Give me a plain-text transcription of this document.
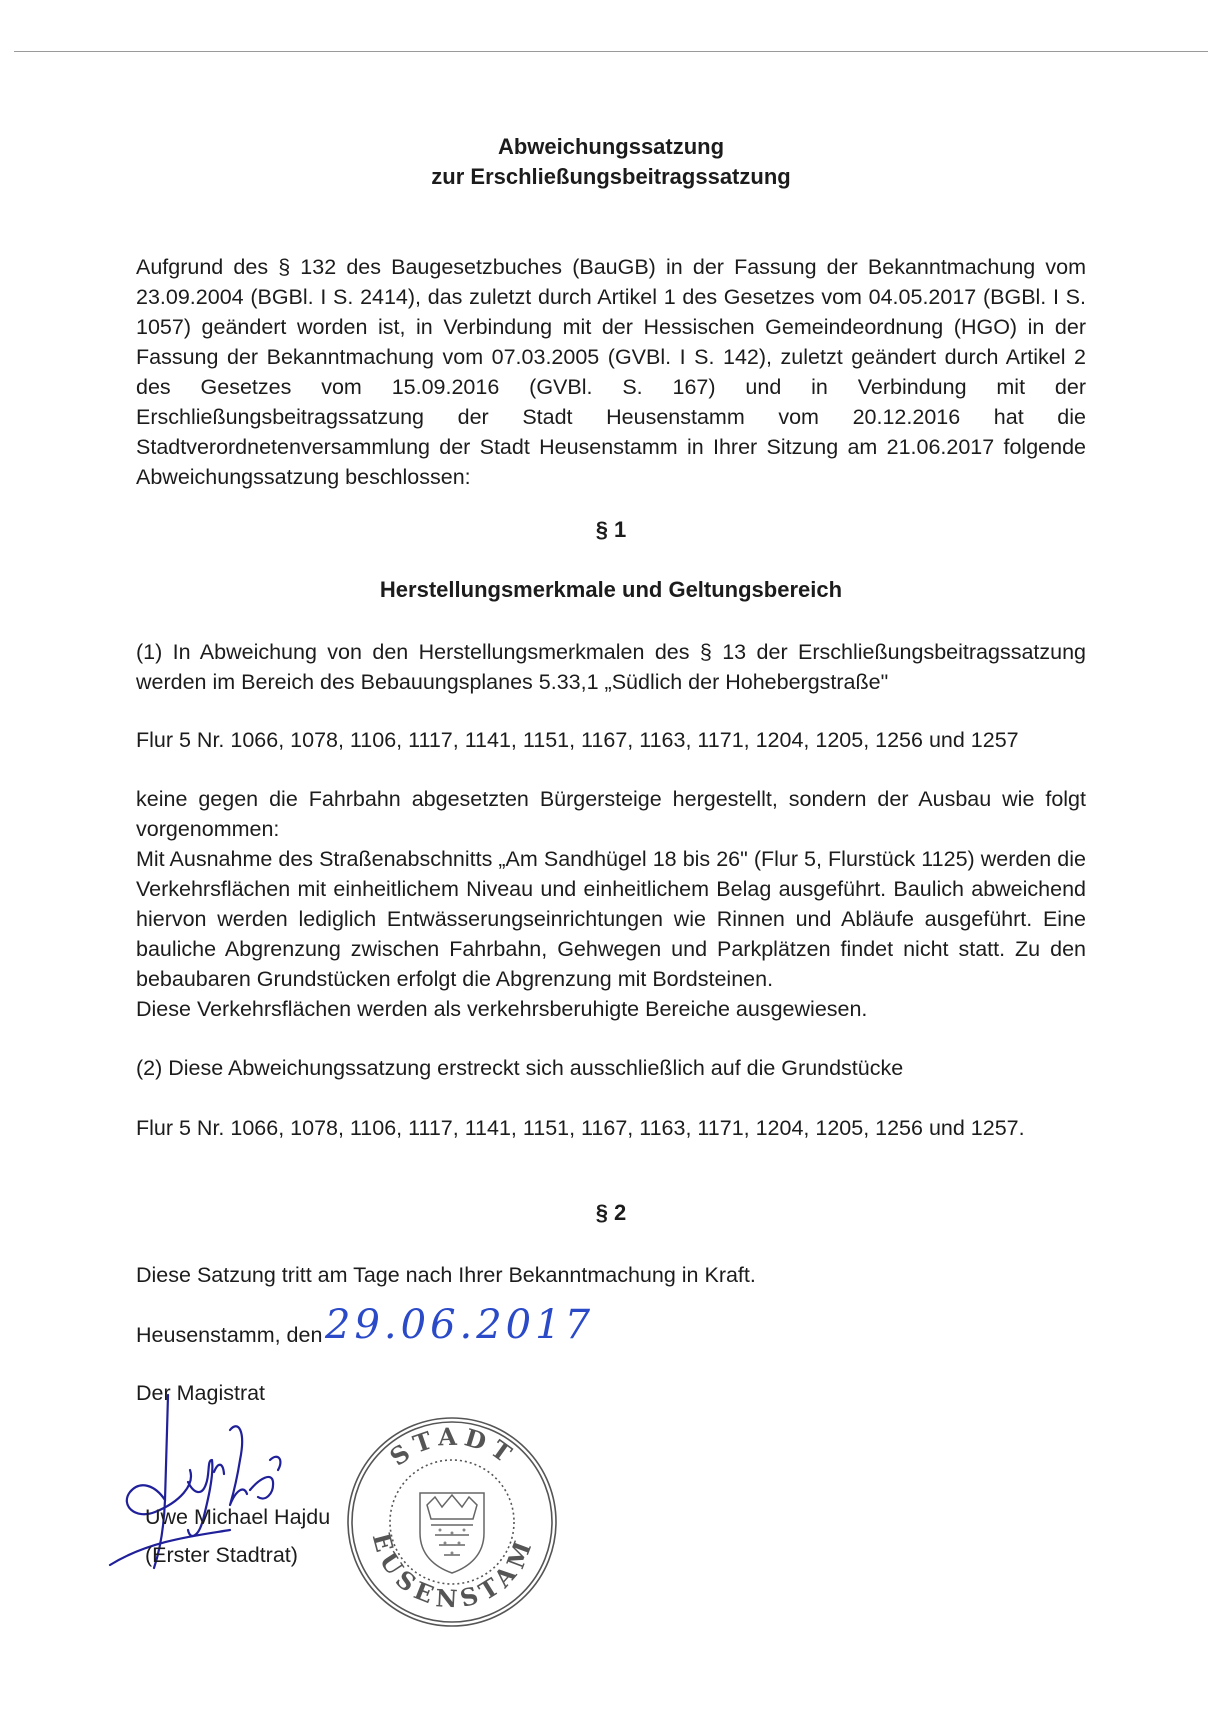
Abweichungssatzung
zur Erschließungsbeitragssatzung
Aufgrund des § 132 des Baugesetzbuches (BauGB) in der Fassung der Bekanntmachung vom 23.09.2004 (BGBl. I S. 2414), das zuletzt durch Artikel 1 des Gesetzes vom 04.05.2017 (BGBl. I S. 1057) geändert worden ist, in Verbindung mit der Hessischen Gemeindeordnung (HGO) in der Fassung der Bekanntmachung vom 07.03.2005 (GVBl. I S. 142), zuletzt geändert durch Artikel 2 des Gesetzes vom 15.09.2016 (GVBl. S. 167) und in Verbindung mit der Erschließungsbeitragssatzung der Stadt Heusenstamm vom 20.12.2016 hat die Stadtverordnetenversammlung der Stadt Heusenstamm in Ihrer Sitzung am 21.06.2017 folgende Abweichungssatzung beschlossen:
§ 1
Herstellungsmerkmale und Geltungsbereich
(1) In Abweichung von den Herstellungsmerkmalen des § 13 der Erschließungsbeitragssatzung werden im Bereich des Bebauungsplanes 5.33,1 „Südlich der Hohebergstraße"
Flur 5 Nr. 1066, 1078, 1106, 1117, 1141, 1151, 1167, 1163, 1171, 1204, 1205, 1256 und 1257
keine gegen die Fahrbahn abgesetzten Bürgersteige hergestellt, sondern der Ausbau wie folgt vorgenommen:
Mit Ausnahme des Straßenabschnitts „Am Sandhügel 18 bis 26" (Flur 5, Flurstück 1125) werden die Verkehrsflächen mit einheitlichem Niveau und einheitlichem Belag ausgeführt. Baulich abweichend hiervon werden lediglich Entwässerungseinrichtungen wie Rinnen und Abläufe ausgeführt. Eine bauliche Abgrenzung zwischen Fahrbahn, Gehwegen und Parkplätzen findet nicht statt. Zu den bebaubaren Grundstücken erfolgt die Abgrenzung mit Bordsteinen.
Diese Verkehrsflächen werden als verkehrsberuhigte Bereiche ausgewiesen.
(2) Diese Abweichungssatzung erstreckt sich ausschließlich auf die Grundstücke
Flur 5 Nr. 1066, 1078, 1106, 1117, 1141, 1151, 1167, 1163, 1171, 1204, 1205, 1256 und 1257.
§ 2
Diese Satzung tritt am Tage nach Ihrer Bekanntmachung in Kraft.
Heusenstamm, den 29.06.2017
Der Magistrat
Uwe Michael Hajdu
(Erster Stadtrat)
STADT
HEUSENSTAMM
